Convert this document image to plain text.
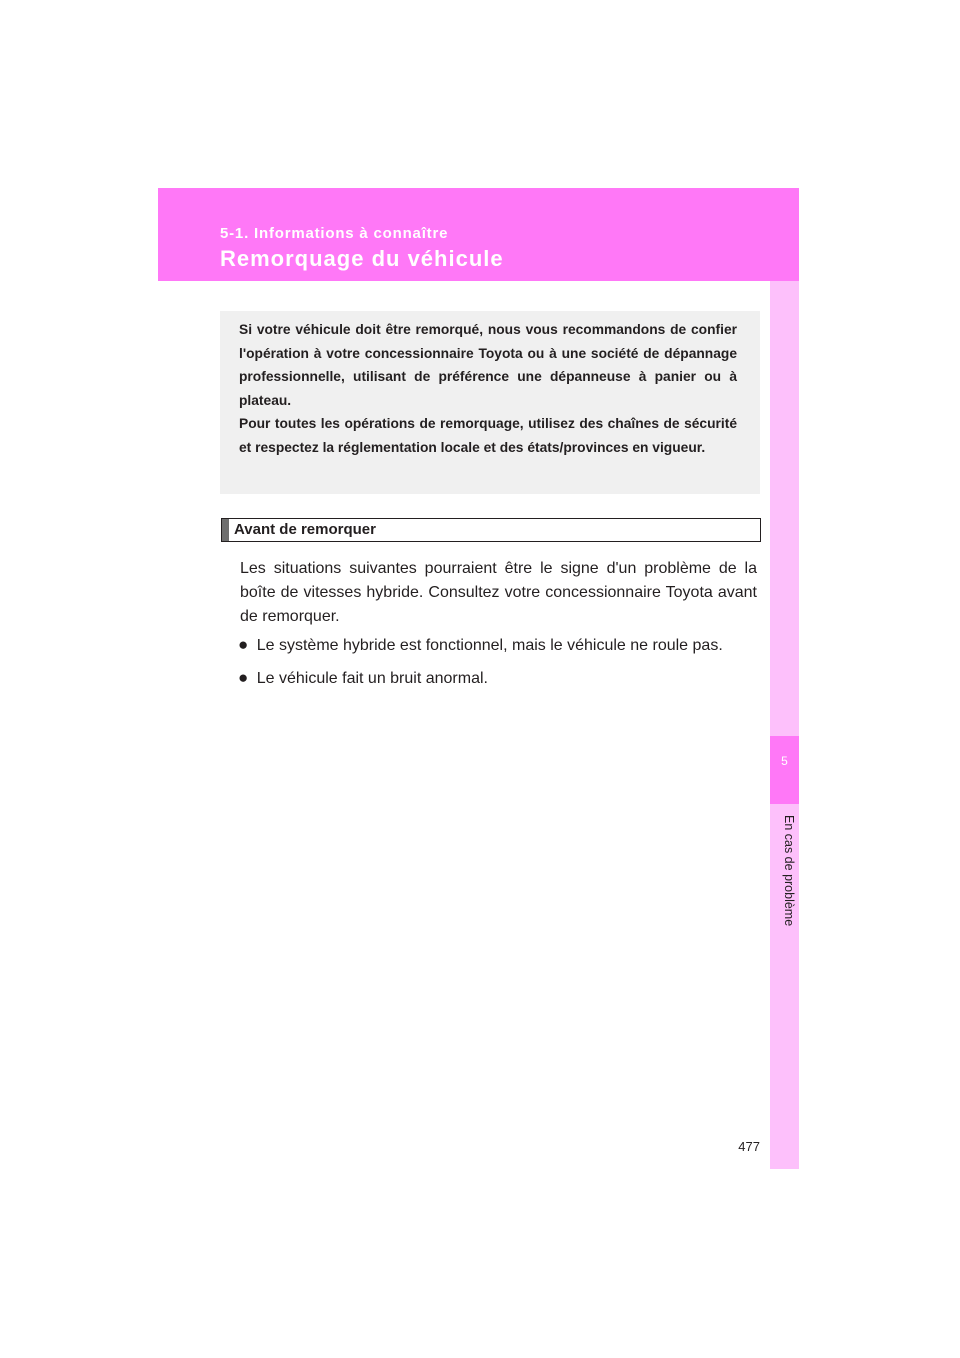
5-1. Informations à connaître
Remorquage du véhicule
5
En cas de problème

Si votre véhicule doit être remorqué, nous vous recommandons de confier l'opération à votre concessionnaire Toyota ou à une société de dépannage professionnelle, utilisant de préférence une dépanneuse à panier ou à plateau.

Pour toutes les opérations de remorquage, utilisez des chaînes de sécurité et respectez la réglementation locale et des états/provinces en vigueur.

Avant de remorquer

Les situations suivantes pourraient être le signe d'un problème de la boîte de vitesses hybride. Consultez votre concessionnaire Toyota avant de remorquer.

● Le système hybride est fonctionnel, mais le véhicule ne roule pas.
● Le véhicule fait un bruit anormal.
477
